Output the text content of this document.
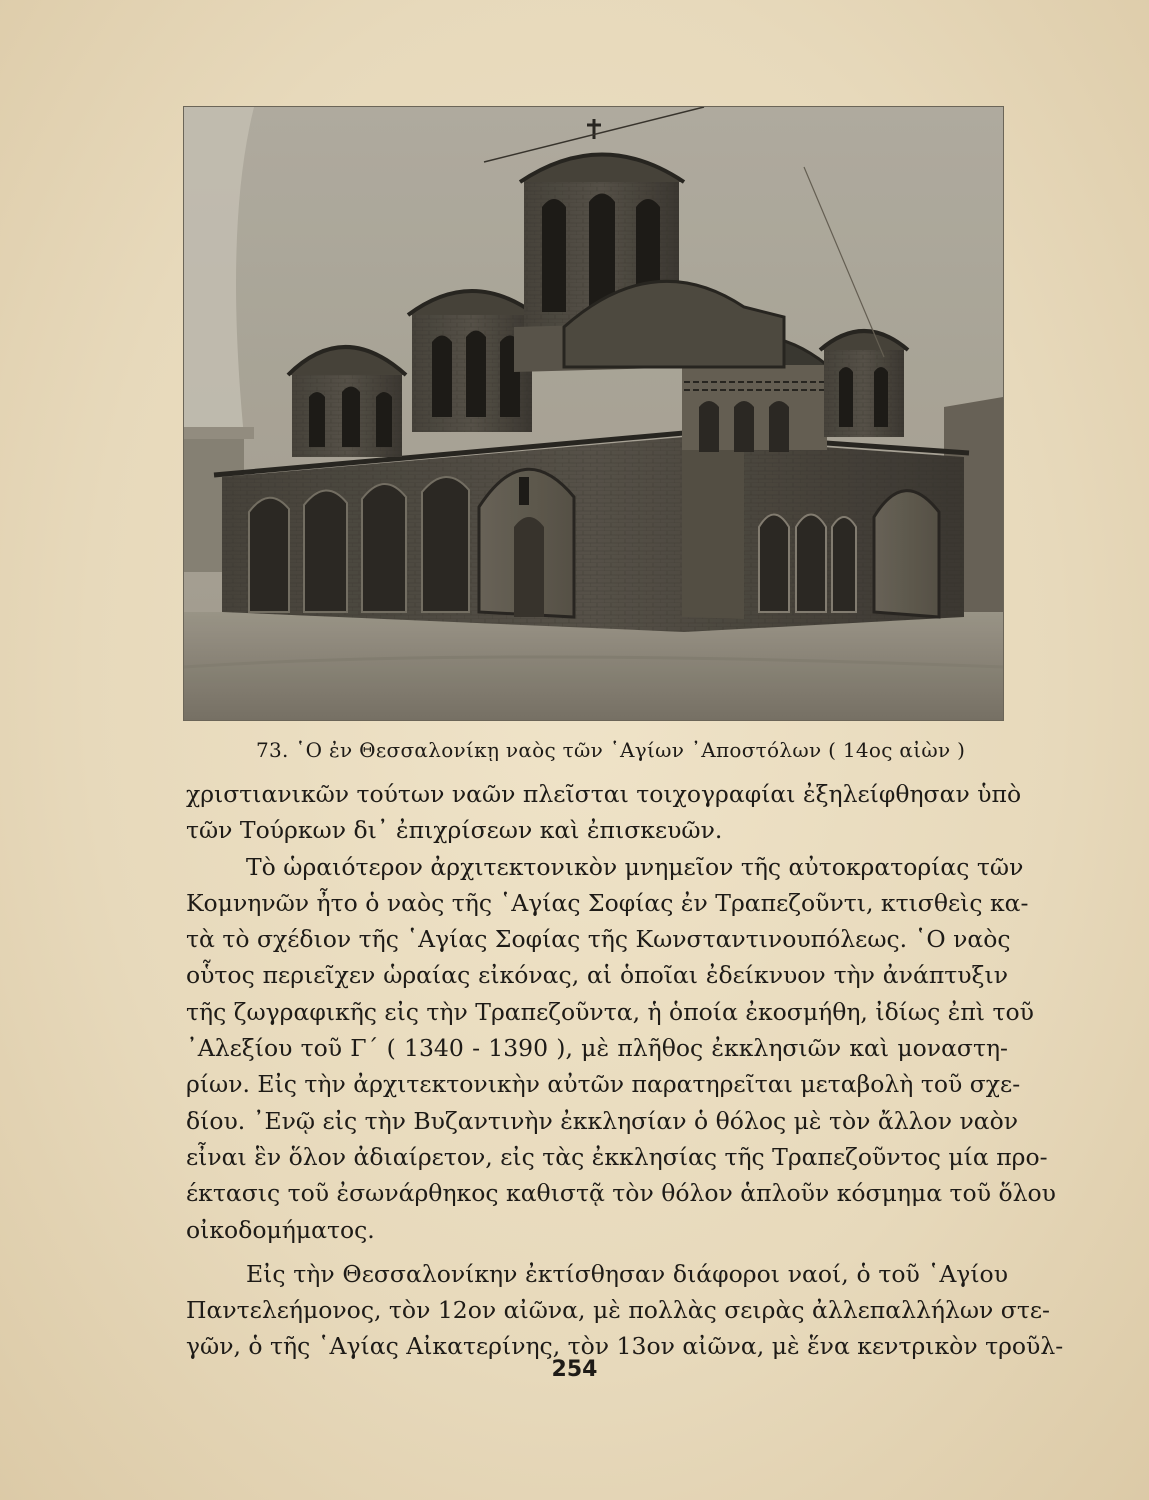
73. ῾Ο ἐν Θεσσαλονίκῃ ναὸς τῶν ῾Αγίων ᾿Αποστόλων ( 14ος αἰὼν )
χριστιανικῶν τούτων ναῶν πλεῖσται τοιχογραφίαι ἐξηλείφθησαν ὑπὸ
τῶν Τούρκων δι᾿ ἐπιχρίσεων καὶ ἐπισκευῶν.
Τὸ ὡραιότερον ἀρχιτεκτονικὸν μνημεῖον τῆς αὐτοκρατορίας τῶν
Κομνηνῶν ἦτο ὁ ναὸς τῆς ῾Αγίας Σοφίας ἐν Τραπεζοῦντι, κτισθεὶς κα-
τὰ τὸ σχέδιον τῆς ῾Αγίας Σοφίας τῆς Κωνσταντινουπόλεως. ῾Ο ναὸς
οὗτος περιεῖχεν ὡραίας εἰκόνας, αἱ ὁποῖαι ἐδείκνυον τὴν ἀνάπτυξιν
τῆς ζωγραφικῆς εἰς τὴν Τραπεζοῦντα, ἡ ὁποία ἐκοσμήθη, ἰδίως ἐπὶ τοῦ
᾿Αλεξίου τοῦ Γ΄ ( 1340 - 1390 ), μὲ πλῆθος ἐκκλησιῶν καὶ μοναστη-
ρίων. Εἰς τὴν ἀρχιτεκτονικὴν αὐτῶν παρατηρεῖται μεταβολὴ τοῦ σχε-
δίου. ᾿Ενῷ εἰς τὴν Βυζαντινὴν ἐκκλησίαν ὁ θόλος μὲ τὸν ἄλλον ναὸν
εἶναι ἓν ὅλον ἀδιαίρετον, εἰς τὰς ἐκκλησίας τῆς Τραπεζοῦντος μία προ-
έκτασις τοῦ ἐσωνάρθηκος καθιστᾷ τὸν θόλον ἁπλοῦν κόσμημα τοῦ ὅλου
οἰκοδομήματος.
Εἰς τὴν Θεσσαλονίκην ἐκτίσθησαν διάφοροι ναοί, ὁ τοῦ ῾Αγίου
Παντελεήμονος, τὸν 12ον αἰῶνα, μὲ πολλὰς σειρὰς ἀλλεπαλλήλων στε-
γῶν, ὁ τῆς ῾Αγίας Αἰκατερίνης, τὸν 13ον αἰῶνα, μὲ ἕνα κεντρικὸν τροῦλ-
254
